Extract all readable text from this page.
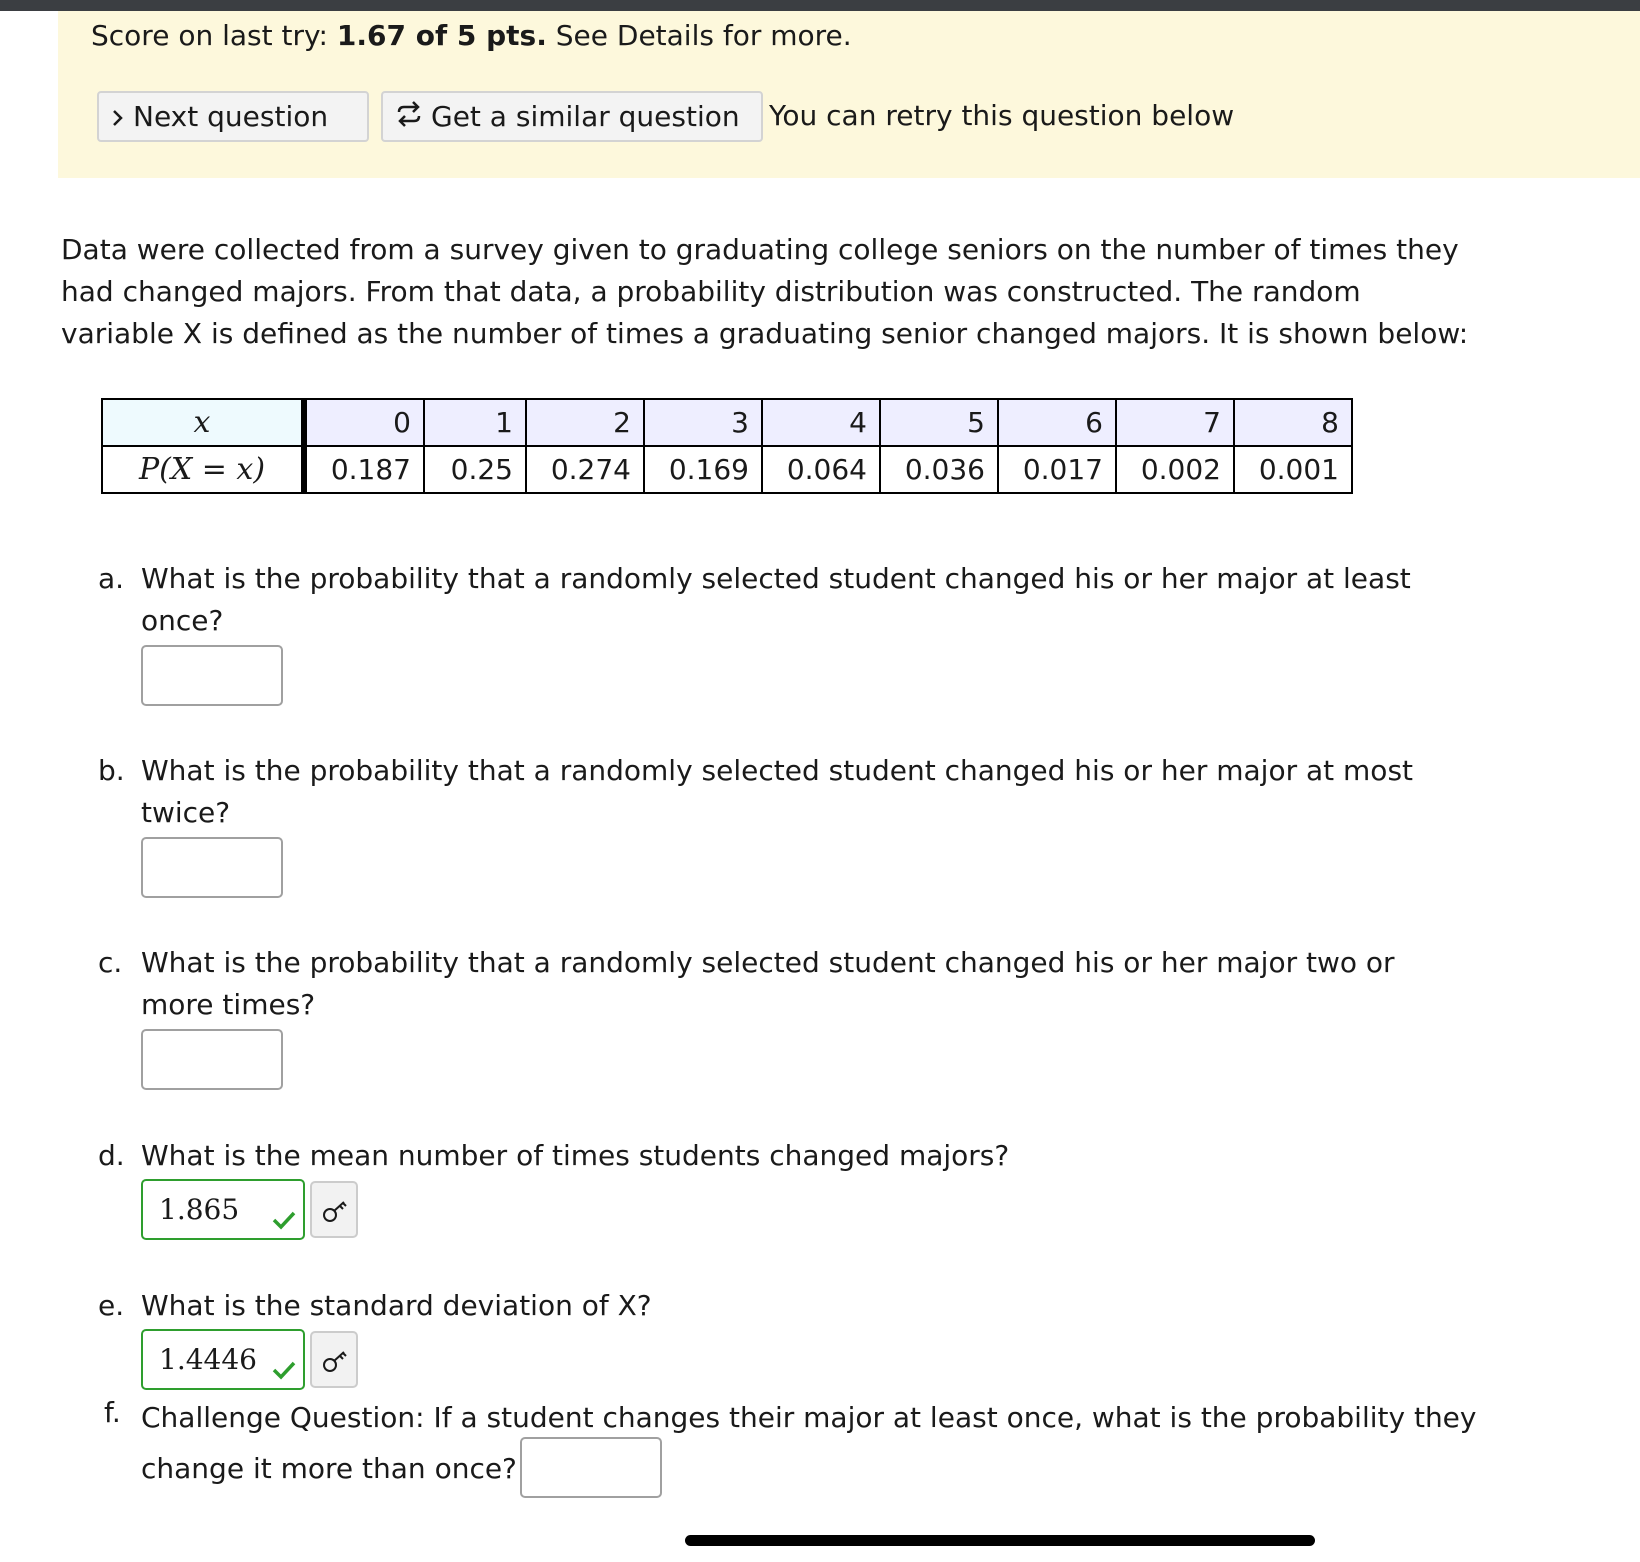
Score on last try: 1.67 of 5 pts. See Details for more.
Next question	Get a similar question	You can retry this question below
Data were collected from a survey given to graduating college seniors on the number of times they
had changed majors. From that data, a probability distribution was constructed. The random
variable X is defined as the number of times a graduating senior changed majors. It is shown below:
x	0	1	2	3	4	5	6	7	8
P(X = x)	0.187	0.25	0.274	0.169	0.064	0.036	0.017	0.002	0.001
a. What is the probability that a randomly selected student changed his or her major at least
once?
b. What is the probability that a randomly selected student changed his or her major at most
twice?
c. What is the probability that a randomly selected student changed his or her major two or
more times?
d. What is the mean number of times students changed majors?
1.865
e. What is the standard deviation of X?
1.4446
f. Challenge Question: If a student changes their major at least once, what is the probability they
change it more than once?
